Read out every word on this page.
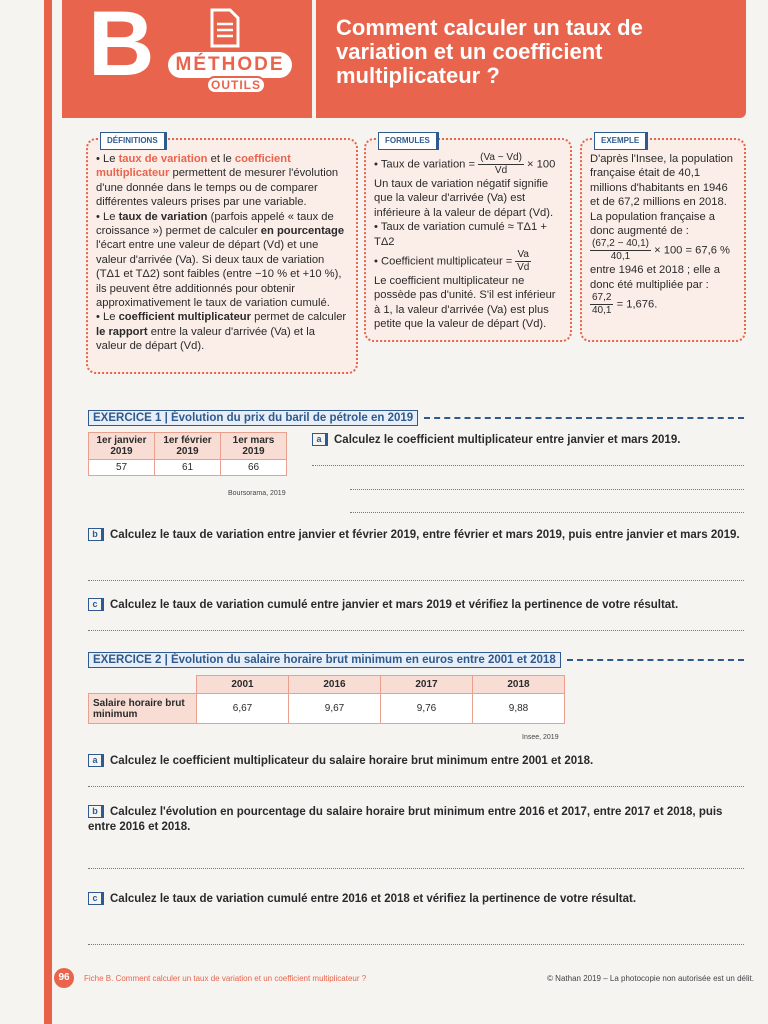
B	MÉTHODE
OUTILS
Comment calculer un taux de variation et un coefficient multiplicateur ?
DÉFINITIONS

• Le taux de variation et le coefficient multiplicateur permettent de mesurer l'évolution d'une donnée dans le temps ou de comparer différentes valeurs prises par une variable.

• Le taux de variation (parfois appelé « taux de croissance ») permet de calculer en pourcentage l'écart entre une valeur de départ (Vd) et une valeur d'arrivée (Va). Si deux taux de variation (TΔ1 et TΔ2) sont faibles (entre −10 % et +10 %), ils peuvent être additionnés pour obtenir approximativement le taux de variation cumulé.

• Le coefficient multiplicateur permet de calculer le rapport entre la valeur d'arrivée (Va) et la valeur de départ (Vd).

FORMULES

• Taux de variation = $\frac{(Va - Vd)}{Vd} \times 100$

Un taux de variation négatif signifie que la valeur d'arrivée (Va) est inférieure à la valeur de départ (Vd).

• Taux de variation cumulé ≈ TΔ1 + TΔ2

• Coefficient multiplicateur = $\frac{Va}{Vd}$

Le coefficient multiplicateur ne possède pas d'unité. S'il est inférieur à 1, la valeur d'arrivée (Va) est plus petite que la valeur de départ (Vd).

EXEMPLE

D'après l'Insee, la population française était de 40,1 millions d'habitants en 1946 et de 67,2 millions en 2018.

La population française a donc augmenté de :

$\frac{(67,2 - 40,1)}{40,1} \times 100 = 67,6$ %

entre 1946 et 2018 ; elle a donc été multipliée par :

$\frac{67,2}{40,1} = 1,676$.

EXERCICE 1 | Évolution du prix du baril de pétrole en 2019
1er janvier 2019	1er février 2019	1er mars 2019
57	61	66
Boursorama, 2019
a Calculez le coefficient multiplicateur entre janvier et mars 2019.
b Calculez le taux de variation entre janvier et février 2019, entre février et mars 2019, puis entre janvier et mars 2019.
c Calculez le taux de variation cumulé entre janvier et mars 2019 et vérifiez la pertinence de votre résultat.
EXERCICE 2 | Évolution du salaire horaire brut minimum en euros entre 2001 et 2018
	2001	2016	2017	2018
Salaire horaire brut minimum	6,67	9,67	9,76	9,88
Insee, 2019
a Calculez le coefficient multiplicateur du salaire horaire brut minimum entre 2001 et 2018.
b Calculez l'évolution en pourcentage du salaire horaire brut minimum entre 2016 et 2017, entre 2017 et 2018, puis entre 2016 et 2018.
c Calculez le taux de variation cumulé entre 2016 et 2018 et vérifiez la pertinence de votre résultat.
96	Fiche B. Comment calculer un taux de variation et un coefficient multiplicateur ?	© Nathan 2019 – La photocopie non autorisée est un délit.
